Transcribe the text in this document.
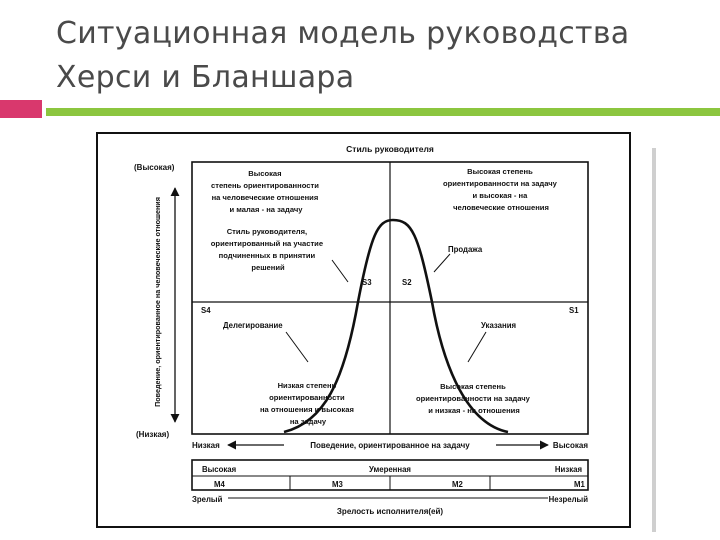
Ситуационная модель руководства
Херси и Бланшара
Стиль руководителя
(Высокая)
(Низкая)
Поведение, ориентированное на человеческие отношения
Высокая степень ориентированности на человеческие отношения и малая - на задачу
Высокая степень ориентированности на задачу и высокая - на человеческие отношения
Стиль руководителя, ориентированный на участие подчиненных в принятии решений
Продажа
S3	S2
S4	S1
Делегирование	Указания
Низкая степень ориентированности на отношения и высокая на задачу
Высокая степень ориентированности на задачу и низкая - на отношения
Низкая	Поведение, ориентированное на задачу	Высокая
Высокая	Умеренная	Низкая
M4	M3	M2	M1
Зрелый	Незрелый
Зрелость исполнителя(ей)
